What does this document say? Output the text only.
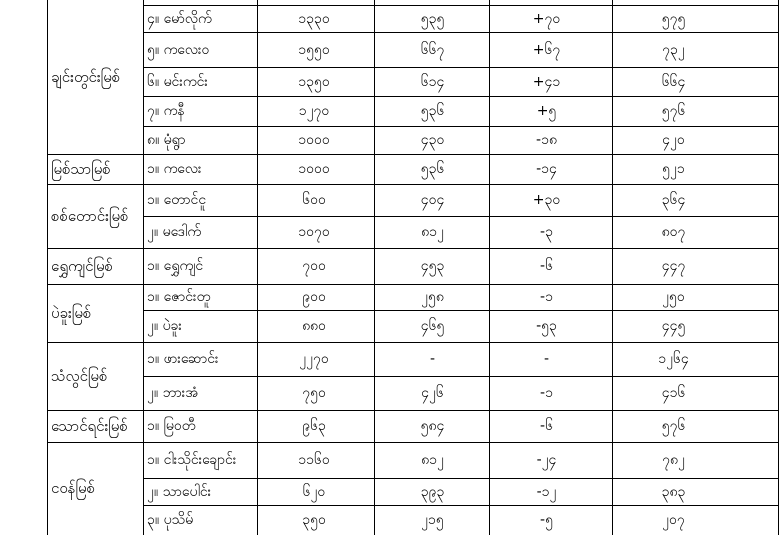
၄။ မော်လိုက်	၁၃၃၀	၅၃၅	+၇၀	၅၇၅
၅။ ကလေးဝ	၁၅၅၀	၆၆၇	+၆၇	၇၃၂
၆။ မင်းကင်း	၁၃၅၀	၆၁၄	+၄၁	၆၆၄
၇။ ကနီ	၁၂၇၀	၅၃၆	+၅	၅၇၆
၈။ မုံရွာ	၁၀၀၀	၄၃၀	-၁၈	၄၂၀
ချင်းတွင်းမြစ်
၁။ ကလေး	၁၀၀၀	၅၃၆	-၁၄	၅၂၁
မြစ်သာမြစ်
၁။ တောင်ငူ	၆၀၀	၄၀၄	+၃၀	၃၆၄
၂။ မဒေါက်	၁၀၇၀	၈၁၂	-၃	၈၀၇
စစ်တောင်းမြစ်
၁။ ရွှေကျင်	၇၀၀	၄၅၃	-၆	၄၄၇
ရွှေကျင်မြစ်
၁။ ဇောင်းတူ	၉၀၀	၂၅၈	-၁	၂၅၀
၂။ ပဲခူး	၈၈၀	၄၆၅	-၅၃	၄၄၅
ပဲခူးမြစ်
၁။ ဖားဆောင်း	၂၂၇၀	-	-	၁၂၆၄
၂။ ဘားအံ	၇၅၀	၄၂၆	-၁	၄၁၆
သံလွင်မြစ်
၁။ မြဝတီ	၉၆၃	၅၈၄	-၆	၅၇၆
သောင်ရင်းမြစ်
၁။ ငါးသိုင်းချောင်း	၁၁၆၀	၈၁၂	-၂၄	၇၈၂
၂။ သာပေါင်း	၆၂၀	၃၉၃	-၁၂	၃၈၃
၃။ ပုသိမ်	၃၅၀	၂၁၅	-၅	၂၀၇
ငဝန်မြစ်
